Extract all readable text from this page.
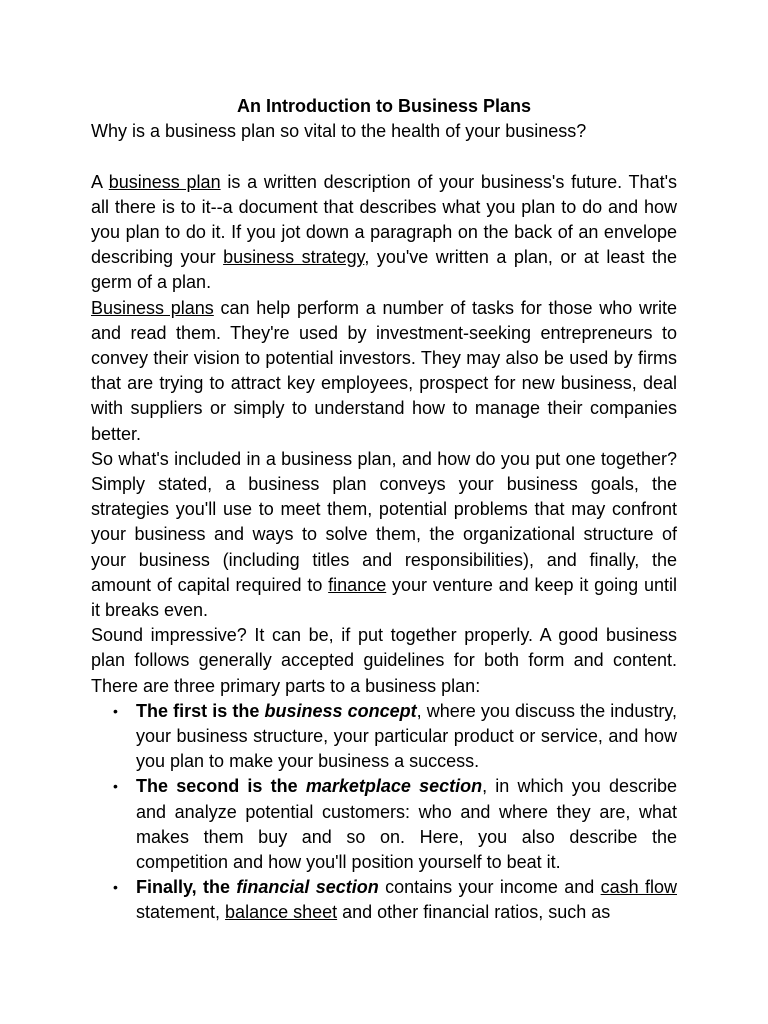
An Introduction to Business Plans

Why is a business plan so vital to the health of your business?

A business plan is a written description of your business's future. That's all there is to it--a document that describes what you plan to do and how you plan to do it. If you jot down a paragraph on the back of an envelope describing your business strategy, you've written a plan, or at least the germ of a plan.

Business plans can help perform a number of tasks for those who write and read them. They're used by investment-seeking entrepreneurs to convey their vision to potential investors. They may also be used by firms that are trying to attract key employees, prospect for new business, deal with suppliers or simply to understand how to manage their companies better.

So what's included in a business plan, and how do you put one together? Simply stated, a business plan conveys your business goals, the strategies you'll use to meet them, potential problems that may confront your business and ways to solve them, the organizational structure of your business (including titles and responsibilities), and finally, the amount of capital required to finance your venture and keep it going until it breaks even.

Sound impressive? It can be, if put together properly. A good business plan follows generally accepted guidelines for both form and content. There are three primary parts to a business plan:

• The first is the business concept, where you discuss the industry, your business structure, your particular product or service, and how you plan to make your business a success.
• The second is the marketplace section, in which you describe and analyze potential customers: who and where they are, what makes them buy and so on. Here, you also describe the competition and how you'll position yourself to beat it.
• Finally, the financial section contains your income and cash flow statement, balance sheet and other financial ratios, such as
